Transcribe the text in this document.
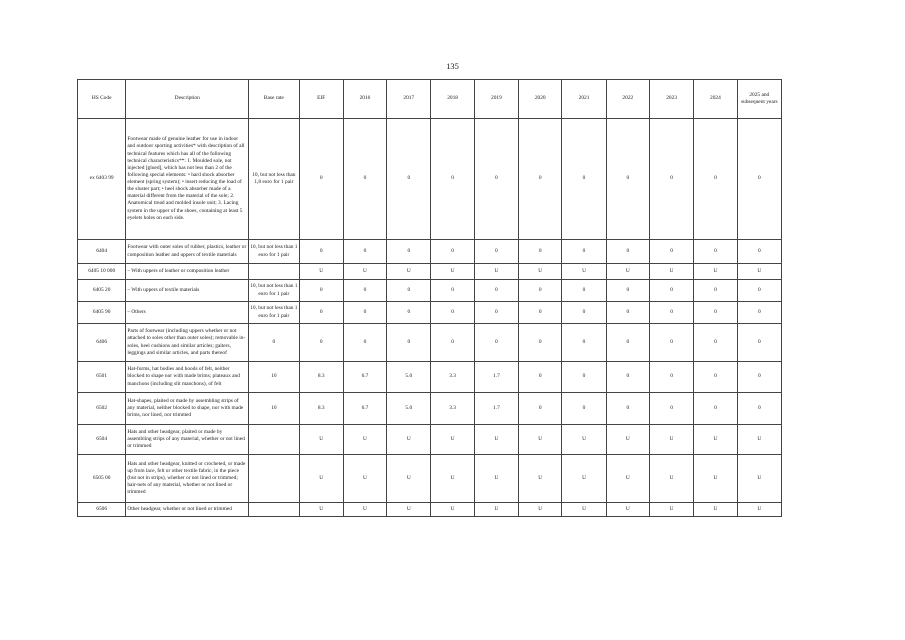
135
HS Code	Description	Base rate	EIF	2016	2017	2018	2019	2020	2021	2022	2023	2024	2025 and subsequent years
ex 6403 99	Footwear made of genuine leather for use in indoor and outdoor sporting activities* with description of all technical features which has all of the following technical characteristics**: 1. Moulded sole, not injected [glued], which has not less than 2 of the following special elements: • hard shock absorber element (spring system); • insert reducing the load of the sluster part; • heel shock absorber made of a material different from the material of the sole; 2. Anatomical tread and molded insole unit; 3. Lacing system in the upper of the shoes, containing at least 5 eyelets holes on each side.	10, but not less than 1,8 euro for 1 pair	0	0	0	0	0	0	0	0	0	0	0
6404	Footwear with outer soles of rubber, plastics, leather or composition leather and uppers of textile materials	10, but not less than 1 euro for 1 pair	0	0	0	0	0	0	0	0	0	0	0
6405 10 000	– With uppers of leather or composition leather		U	U	U	U	U	U	U	U	U	U	U
6405 20	– With uppers of textile materials	10, but not less than 1 euro for 1 pair	0	0	0	0	0	0	0	0	0	0	0
6405 90	– Others	10, but not less than 1 euro for 1 pair	0	0	0	0	0	0	0	0	0	0	0
6406	Parts of footwear (including uppers whether or not attached to soles other than outer soles); removable in-soles, heel cushions and similar articles; gaiters, leggings and similar articles, and parts thereof	0	0	0	0	0	0	0	0	0	0	0	0
6501	Hat-forms, hat bodies and hoods of felt, neither blocked to shape nor with made brims; plateaux and manchons (including slit manchons), of felt	10	8.3	6.7	5.0	3.3	1.7	0	0	0	0	0	0
6502	Hat-shapes, plaited or made by assembling strips of any material, neither blocked to shape, nor with made brims, nor lined, nor trimmed	10	8.3	6.7	5.0	3.3	1.7	0	0	0	0	0	0
6504	Hats and other headgear, plaited or made by assembling strips of any material, whether or not lined or trimmed		U	U	U	U	U	U	U	U	U	U	U
6505 00	Hats and other headgear, knitted or crocheted, or made up from lace, felt or other textile fabric, in the piece (but not in strips), whether or not lined or trimmed; hair-nets of any material, whether or not lined or trimmed		U	U	U	U	U	U	U	U	U	U	U
6506	Other headgear, whether or not lined or trimmed		U	U	U	U	U	U	U	U	U	U	U
